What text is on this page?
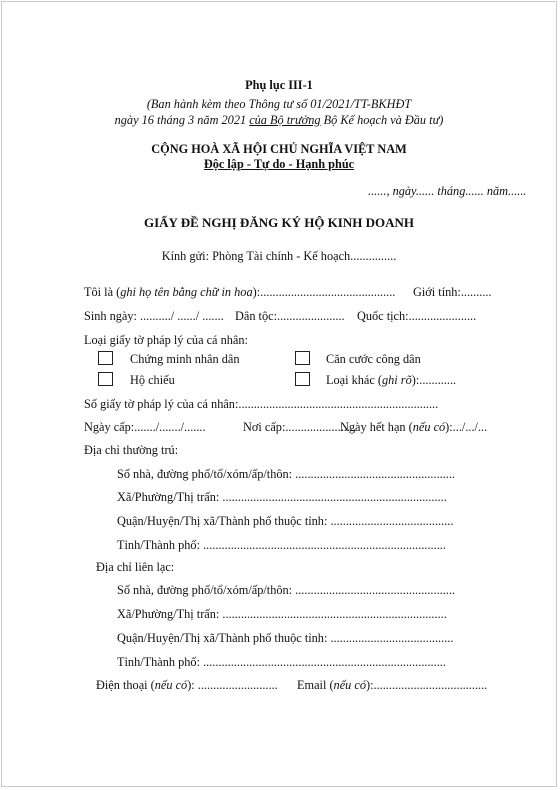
Phụ lục III-1
(Ban hành kèm theo Thông tư số 01/2021/TT-BKHĐT
ngày 16 tháng 3 năm 2021 của Bộ trưởng Bộ Kế hoạch và Đầu tư)
CỘNG HOÀ XÃ HỘI CHỦ NGHĨA VIỆT NAM
Độc lập - Tự do - Hạnh phúc
......, ngày...... tháng...... năm......
GIẤY ĐỀ NGHỊ ĐĂNG KÝ HỘ KINH DOANH
Kính gửi: Phòng Tài chính - Kế hoạch...............
Tôi là (ghi họ tên bằng chữ in hoa):............................................ Giới tính:..........
Sinh ngày: ........../ ....../ ....... Dân tộc:...................... Quốc tịch:......................
Loại giấy tờ pháp lý của cá nhân:
Chứng minh nhân dân	Căn cước công dân
Hộ chiếu	Loại khác (ghi rõ):............
Số giấy tờ pháp lý của cá nhân:.................................................................
Ngày cấp:......./......./.......	Nơi cấp:.......................
Ngày hết hạn (nếu có):.../.../...
Địa chỉ thường trú:
Số nhà, đường phố/tổ/xóm/ấp/thôn: ....................................................
Xã/Phường/Thị trấn: .........................................................................
Quận/Huyện/Thị xã/Thành phố thuộc tỉnh: ........................................
Tỉnh/Thành phố: ...............................................................................
Địa chỉ liên lạc:
Số nhà, đường phố/tổ/xóm/ấp/thôn: ....................................................
Xã/Phường/Thị trấn: .........................................................................
Quận/Huyện/Thị xã/Thành phố thuộc tỉnh: ........................................
Tỉnh/Thành phố: ...............................................................................
Điện thoại (nếu có): .......................... Email (nếu có):.....................................
